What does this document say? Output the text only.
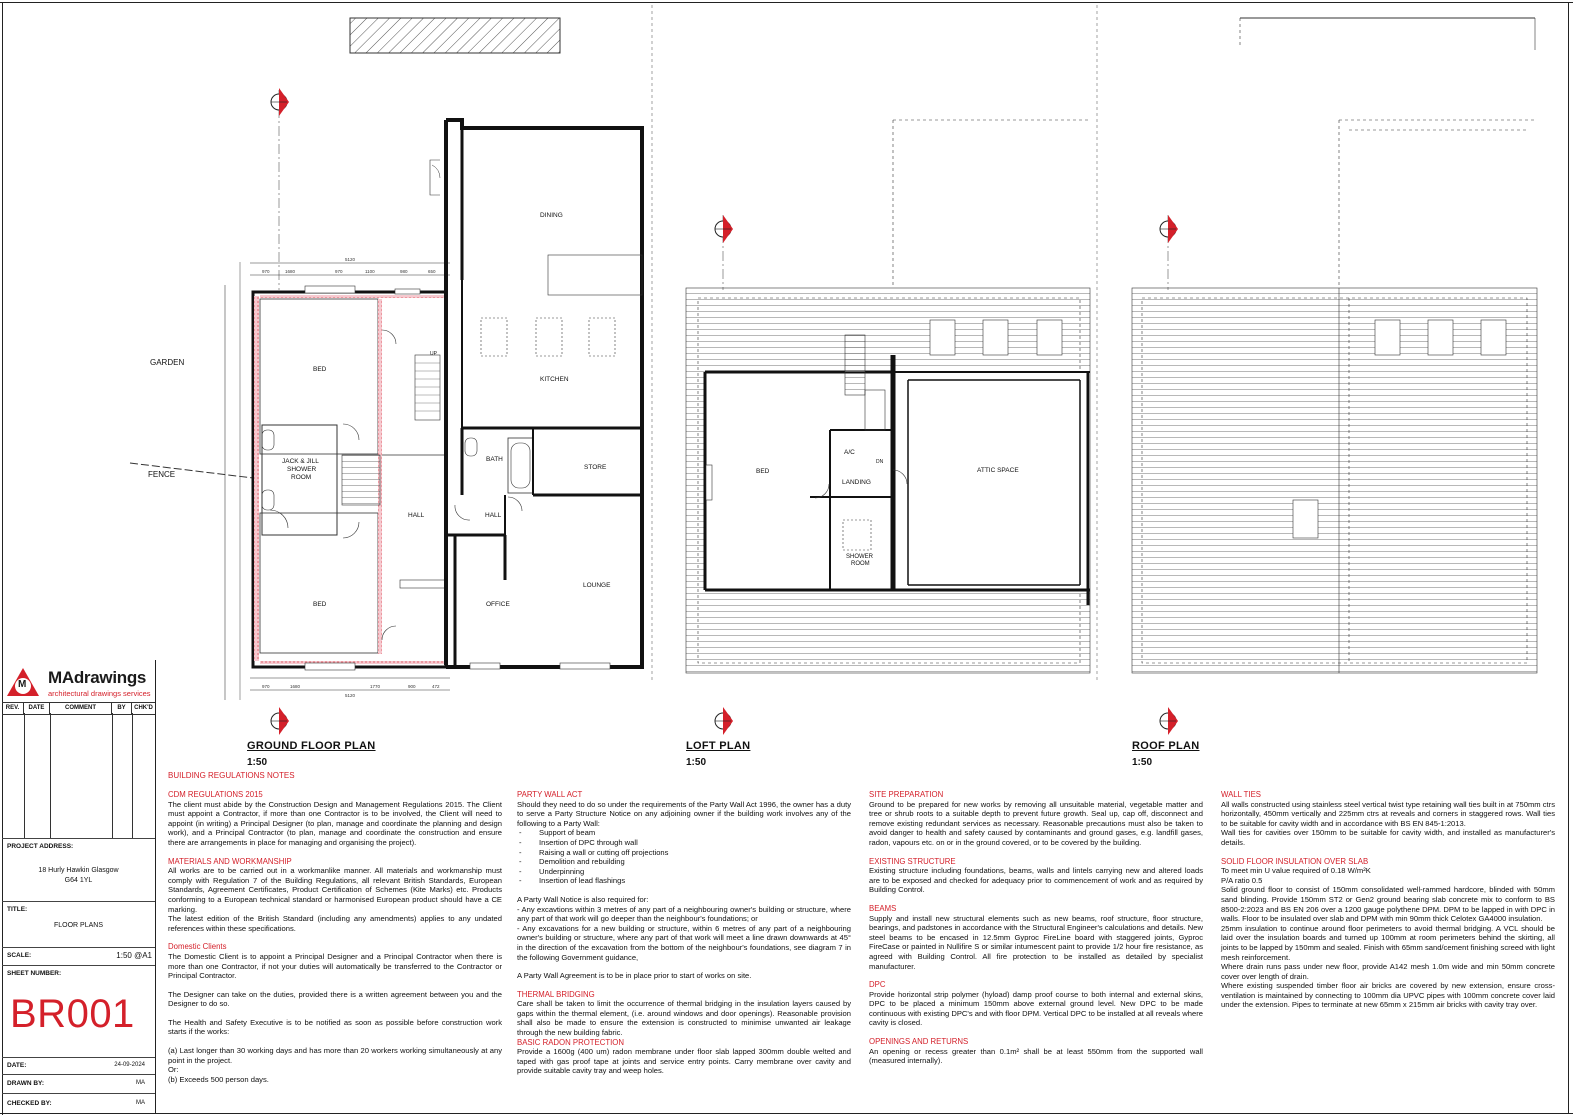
5120
970	1680	970	1100	980	650
5120
970	1680	1770	900	472
GARDEN
FENCE
BED
BED
JACK & JILL
SHOWER
ROOM
HALL	HALL
DINING
KITCHEN
BATH
STORE
OFFICE
LOUNGE
UP
BED
A/C
LANDING
SHOWER
ROOM
ATTIC SPACE
DN
GROUND FLOOR PLAN
1:50
LOFT PLAN
1:50
ROOF PLAN
1:50
M MAdrawings
architectural drawings services
REV.	DATE	COMMENT	BY	CHK'D
PROJECT ADDRESS:
18 Hurly Hawkin Glasgow
G64 1YL
TITLE:
FLOOR PLANS
SCALE:	1:50 @A1
SHEET NUMBER:
BR001
DATE:	24-09-2024
DRAWN BY:	MA
CHECKED BY:	MA
BUILDING REGULATIONS NOTES
CDM REGULATIONS 2015

The client must abide by the Construction Design and Management Regulations 2015. The Client must appoint a Contractor, if more than one Contractor is to be involved, the Client will need to appoint (in writing) a Principal Designer (to plan, manage and coordinate the planning and design work), and a Principal Contractor (to plan, manage and coordinate the construction and ensure there are arrangements in place for managing and organising the project).

MATERIALS AND WORKMANSHIP

All works are to be carried out in a workmanlike manner. All materials and workmanship must comply with Regulation 7 of the Building Regulations, all relevant British Standards, European Standards, Agreement Certificates, Product Certification of Schemes (Kite Marks) etc. Products conforming to a European technical standard or harmonised European product should have a CE marking.

The latest edition of the British Standard (including any amendments) applies to any undated references within these specifications.

Domestic Clients

The Domestic Client is to appoint a Principal Designer and a Principal Contractor when there is more than one Contractor, if not your duties will automatically be transferred to the Contractor or Principal Contractor.

The Designer can take on the duties, provided there is a written agreement between you and the Designer to do so.

The Health and Safety Executive is to be notified as soon as possible before construction work starts if the works:

(a) Last longer than 30 working days and has more than 20 workers working simultaneously at any point in the project.

Or:

(b) Exceeds 500 person days.

PARTY WALL ACT

Should they need to do so under the requirements of the Party Wall Act 1996, the owner has a duty to serve a Party Structure Notice on any adjoining owner if the building work involves any of the following to a Party Wall:

- Support of beam
- Insertion of DPC through wall
- Raising a wall or cutting off projections
- Demolition and rebuilding
- Underpinning
- Insertion of lead flashings

A Party Wall Notice is also required for:

- Any excavtions within 3 metres of any part of a neighbouring owner's building or structure, where any part of that work will go deeper than the neighbour's foundations; or

- Any excavations for a new building or structure, within 6 metres of any part of a neighbouring owner's building or structure, where any part of that work will meet a line drawn downwards at 45° in the direction of the excavation from the bottom of the neighbour's foundations, see diagram 7 in the following Government guidance,

A Party Wall Agreement is to be in place prior to start of works on site.

THERMAL BRIDGING

Care shall be taken to limit the occurrence of thermal bridging in the insulation layers caused by gaps within the thermal element, (i.e. around windows and door openings). Reasonable provision shall also be made to ensure the extension is constructed to minimise unwanted air leakage through the new building fabric.

BASIC RADON PROTECTION

Provide a 1600g (400 um) radon membrane under floor slab lapped 300mm double welted and taped with gas proof tape at joints and service entry points. Carry membrane over cavity and provide suitable cavity tray and weep holes.

SITE PREPARATION

Ground to be prepared for new works by removing all unsuitable material, vegetable matter and tree or shrub roots to a suitable depth to prevent future growth. Seal up, cap off, disconnect and remove existing redundant services as necessary. Reasonable precautions must also be taken to avoid danger to health and safety caused by contaminants and ground gases, e.g. landfill gases, radon, vapours etc. on or in the ground covered, or to be covered by the building.

EXISTING STRUCTURE

Existing structure including foundations, beams, walls and lintels carrying new and altered loads are to be exposed and checked for adequacy prior to commencement of work and as required by Building Control.

BEAMS

Supply and install new structural elements such as new beams, roof structure, floor structure, bearings, and padstones in accordance with the Structural Engineer's calculations and details. New steel beams to be encased in 12.5mm Gyproc FireLine board with staggered joints, Gyproc FireCase or painted in Nullifire S or similar intumescent paint to provide 1/2 hour fire resistance, as agreed with Building Control. All fire protection to be installed as detailed by specialist manufacturer.

DPC

Provide horizontal strip polymer (hyload) damp proof course to both internal and external skins, DPC to be placed a minimum 150mm above external ground level. New DPC to be made continuous with existing DPC's and with floor DPM. Vertical DPC to be installed at all reveals where cavity is closed.

OPENINGS AND RETURNS

An opening or recess greater than 0.1m² shall be at least 550mm from the supported wall (measured internally).

WALL TIES

All walls constructed using stainless steel vertical twist type retaining wall ties built in at 750mm ctrs horizontally, 450mm vertically and 225mm ctrs at reveals and corners in staggered rows. Wall ties to be suitable for cavity width and in accordance with BS EN 845-1:2013.

Wall ties for cavities over 150mm to be suitable for cavity width, and installed as manufacturer's details.

SOLID FLOOR INSULATION OVER SLAB

To meet min U value required of 0.18 W/m²K

P/A ratio 0.5

Solid ground floor to consist of 150mm consolidated well-rammed hardcore, blinded with 50mm sand blinding. Provide 150mm ST2 or Gen2 ground bearing slab concrete mix to conform to BS 8500-2:2023 and BS EN 206 over a 1200 gauge polythene DPM. DPM to be lapped in with DPC in walls. Floor to be insulated over slab and DPM with min 90mm thick Celotex GA4000 insulation.

25mm insulation to continue around floor perimeters to avoid thermal bridging. A VCL should be laid over the insulation boards and turned up 100mm at room perimeters behind the skirting, all joints to be lapped by 150mm and sealed. Finish with 65mm sand/cement finishing screed with light mesh reinforcement.

Where drain runs pass under new floor, provide A142 mesh 1.0m wide and min 50mm concrete cover over length of drain.

Where existing suspended timber floor air bricks are covered by new extension, ensure cross-ventilation is maintained by connecting to 100mm dia UPVC pipes with 100mm concrete cover laid under the extension. Pipes to terminate at new 65mm x 215mm air bricks with cavity tray over.
